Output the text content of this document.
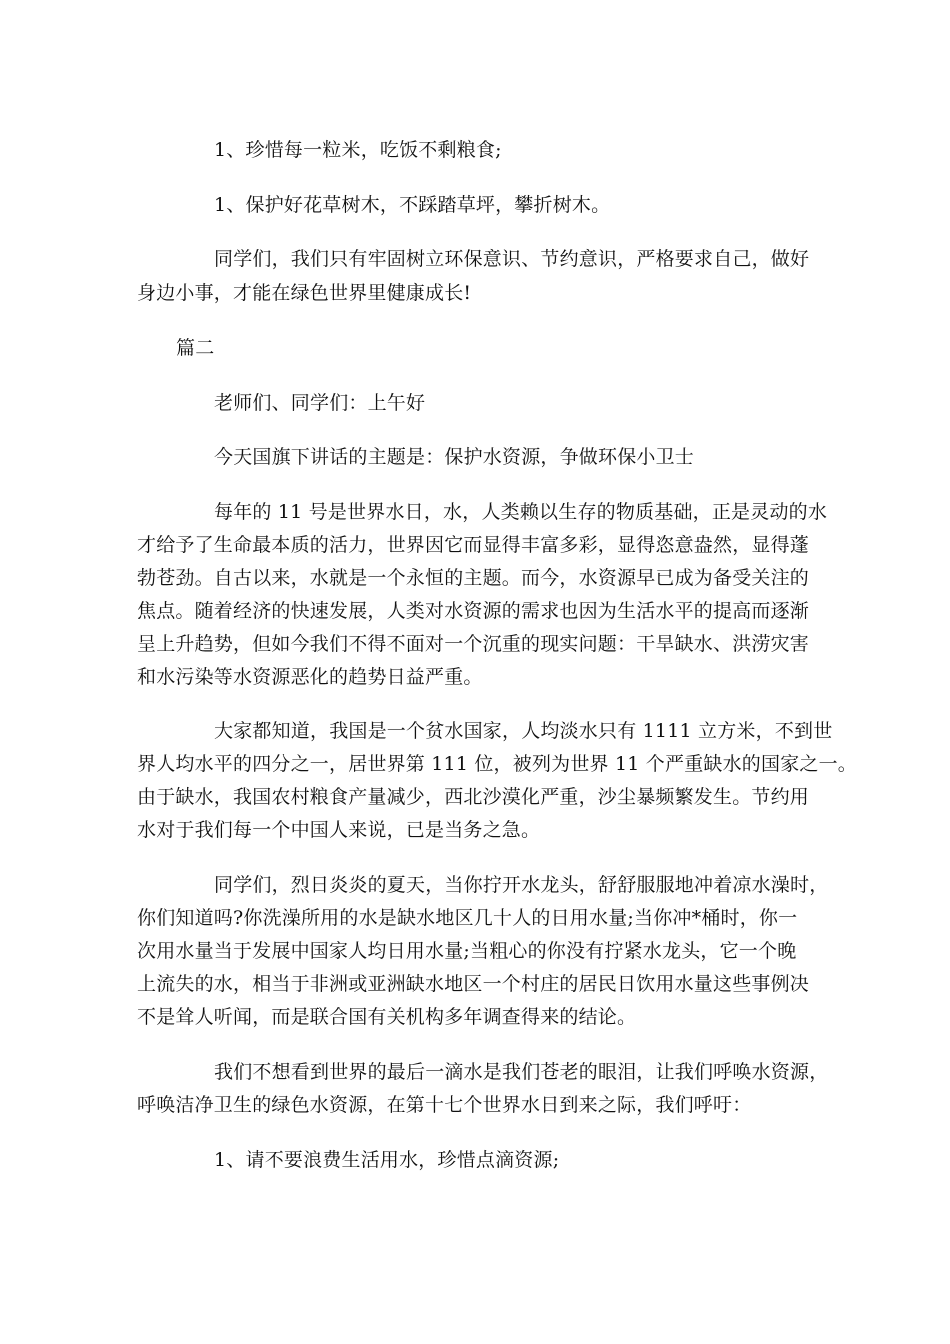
1、珍惜每一粒米，吃饭不剩粮食;
1、保护好花草树木，不踩踏草坪，攀折树木。
同学们，我们只有牢固树立环保意识、节约意识，严格要求自己，做好
身边小事，才能在绿色世界里健康成长!
篇二
老师们、同学们：上午好
今天国旗下讲话的主题是：保护水资源，争做环保小卫士
每年的 11 号是世界水日，水，人类赖以生存的物质基础，正是灵动的水
才给予了生命最本质的活力，世界因它而显得丰富多彩，显得恣意盎然，显得蓬
勃苍劲。自古以来，水就是一个永恒的主题。而今，水资源早已成为备受关注的
焦点。随着经济的快速发展，人类对水资源的需求也因为生活水平的提高而逐渐
呈上升趋势，但如今我们不得不面对一个沉重的现实问题：干旱缺水、洪涝灾害
和水污染等水资源恶化的趋势日益严重。
大家都知道，我国是一个贫水国家，人均淡水只有 1111 立方米，不到世
界人均水平的四分之一，居世界第 111 位，被列为世界 11 个严重缺水的国家之一。
由于缺水，我国农村粮食产量减少，西北沙漠化严重，沙尘暴频繁发生。节约用
水对于我们每一个中国人来说，已是当务之急。
同学们，烈日炎炎的夏天，当你拧开水龙头，舒舒服服地冲着凉水澡时，
你们知道吗?你洗澡所用的水是缺水地区几十人的日用水量;当你冲*桶时，你一
次用水量当于发展中国家人均日用水量;当粗心的你没有拧紧水龙头，它一个晚
上流失的水，相当于非洲或亚洲缺水地区一个村庄的居民日饮用水量这些事例决
不是耸人听闻，而是联合国有关机构多年调查得来的结论。
我们不想看到世界的最后一滴水是我们苍老的眼泪，让我们呼唤水资源，
呼唤洁净卫生的绿色水资源，在第十七个世界水日到来之际，我们呼吁：
1、请不要浪费生活用水，珍惜点滴资源;
